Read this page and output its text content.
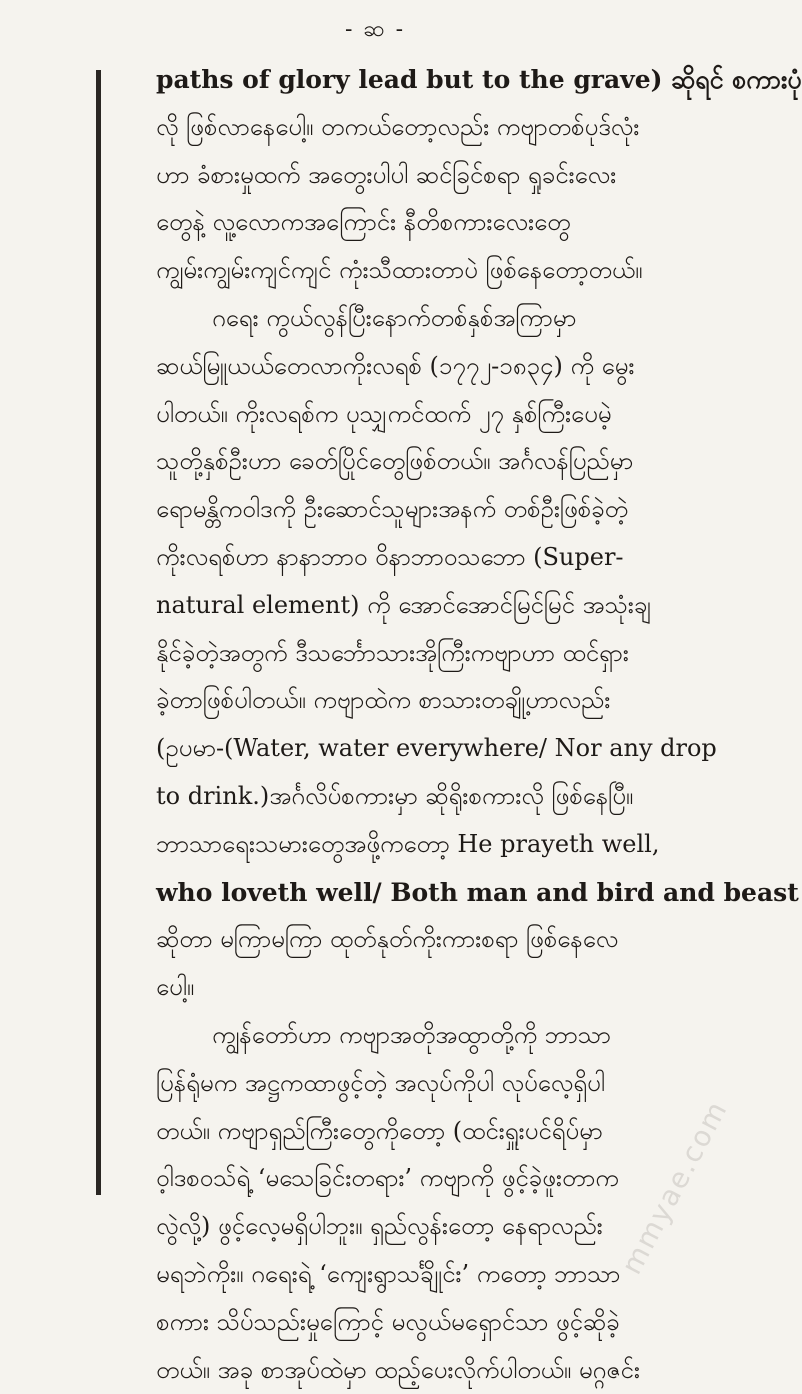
- ဆ -
paths of glory lead but to the grave) ဆိုရင် စကားပုံ
လို ဖြစ်လာနေပေါ့။ တကယ်တော့လည်း ကဗျာတစ်ပုဒ်လုံး
ဟာ ခံစားမှုထက် အတွေးပါပါ ဆင်ခြင်စရာ ရှုခင်းလေး
တွေနဲ့ လူ့လောကအကြောင်း နီတိစကားလေးတွေ
ကျွမ်းကျွမ်းကျင်ကျင် ကုံးသီထားတာပဲ ဖြစ်နေတော့တယ်။
ဂရေး ကွယ်လွန်ပြီးနောက်တစ်နှစ်အကြာမှာ
ဆယ်မြူယယ်တေလာကိုးလရစ် (၁၇၇၂-၁၈၃၄) ကို မွေး
ပါတယ်။ ကိုးလရစ်က ပုသျှကင်ထက် ၂၇ နှစ်ကြီးပေမဲ့
သူတို့နှစ်ဦးဟာ ခေတ်ပြိုင်တွေဖြစ်တယ်။ အင်္ဂလန်ပြည်မှာ
ရောမန္တိကဝါဒကို ဦးဆောင်သူများအနက် တစ်ဦးဖြစ်ခဲ့တဲ့
ကိုးလရစ်ဟာ နာနာဘာဝ ဝိနာဘာဝသဘော (Super-
natural element) ကို အောင်အောင်မြင်မြင် အသုံးချ
နိုင်ခဲ့တဲ့အတွက် ဒီသင်္ဘောသားအိုကြီးကဗျာဟာ ထင်ရှား
ခဲ့တာဖြစ်ပါတယ်။ ကဗျာထဲက စာသားတချို့ဟာလည်း
(ဥပမာ-(Water, water everywhere/ Nor any drop
to drink.)အင်္ဂလိပ်စကားမှာ ဆိုရိုးစကားလို ဖြစ်နေပြီ။
ဘာသာရေးသမားတွေအဖို့ကတော့ He prayeth well,
who loveth well/ Both man and bird and beast
ဆိုတာ မကြာမကြာ ထုတ်နုတ်ကိုးကားစရာ ဖြစ်နေလေ
ပေါ့။
ကျွန်တော်ဟာ ကဗျာအတိုအထွာတို့ကို ဘာသာ
ပြန်ရုံမက အဋ္ဌကထာဖွင့်တဲ့ အလုပ်ကိုပါ လုပ်လေ့ရှိပါ
တယ်။ ကဗျာရှည်ကြီးတွေကိုတော့ (ထင်းရှူးပင်ရိပ်မှာ
ဝ့ါဒစဝသ်ရဲ့ ‘မသေခြင်းတရား’ ကဗျာကို ဖွင့်ခဲ့ဖူးတာက
လွဲလို့) ဖွင့်လေ့မရှိပါဘူး။ ရှည်လွန်းတော့ နေရာလည်း
မရဘဲကိုး။ ဂရေးရဲ့ ‘ကျေးရွာသင်္ချိုင်း’ ကတော့ ဘာသာ
စကား သိပ်သည်းမှုကြောင့် မလွယ်မရှောင်သာ ဖွင့်ဆိုခဲ့
တယ်။ အခု စာအုပ်ထဲမှာ ထည့်ပေးလိုက်ပါတယ်။ မဂ္ဂဇင်း
mmyae.com
